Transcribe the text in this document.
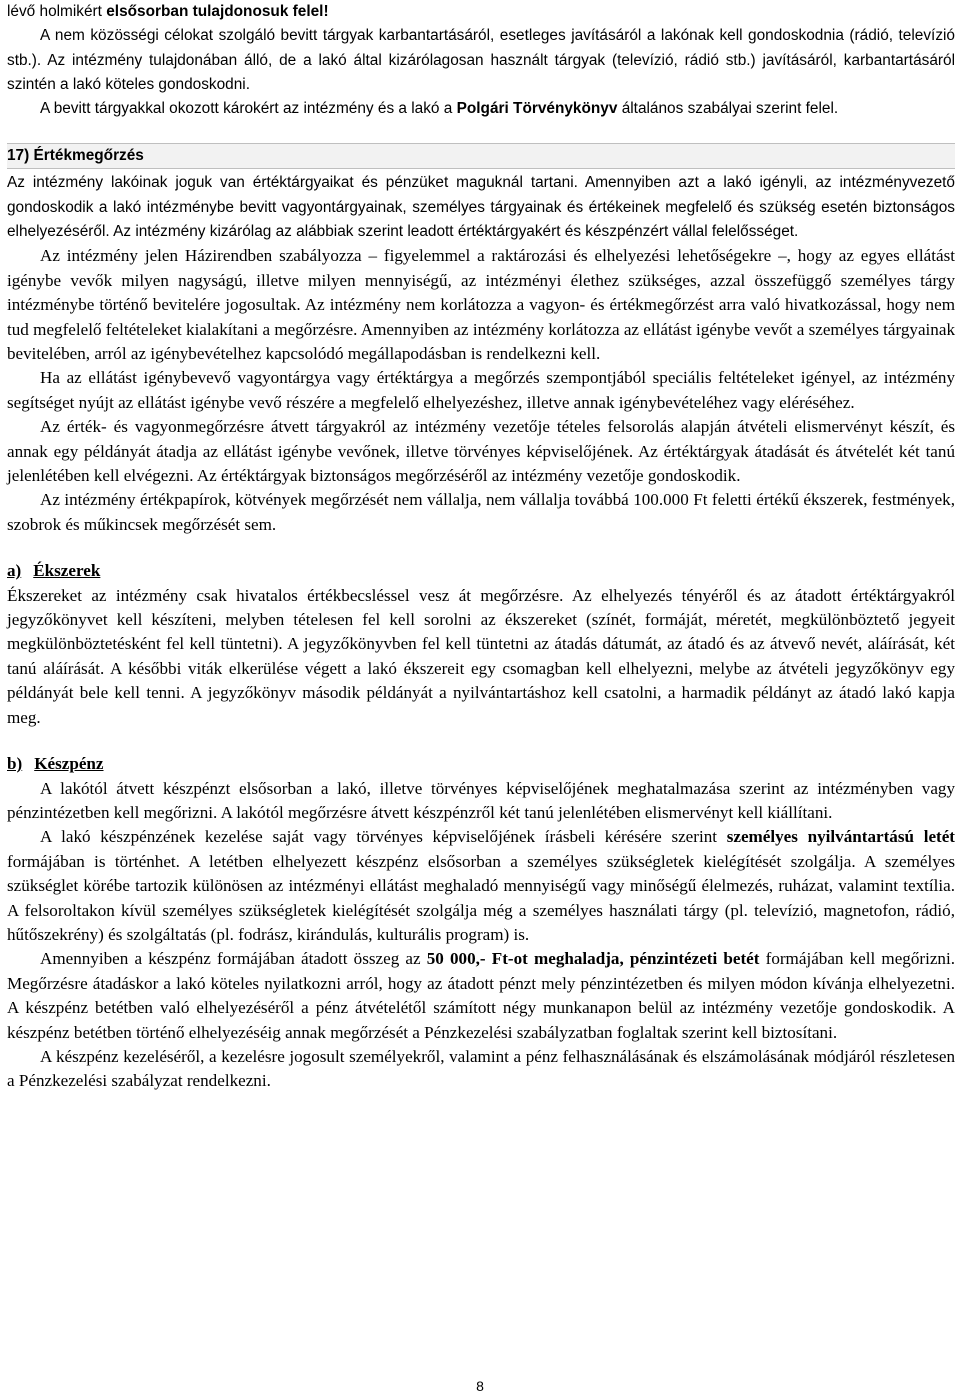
lévő holmikért elsősorban tulajdonosuk felel!

A nem közösségi célokat szolgáló bevitt tárgyak karbantartásáról, esetleges javításáról a lakónak kell gondoskodnia (rádió, televízió stb.). Az intézmény tulajdonában álló, de a lakó által kizárólagosan használt tárgyak (televízió, rádió stb.) javításáról, karbantartásáról szintén a lakó köteles gondoskodni.

A bevitt tárgyakkal okozott károkért az intézmény és a lakó a Polgári Törvénykönyv általános szabályai szerint felel.

17) Értékmegőrzés

Az intézmény lakóinak joguk van értéktárgyaikat és pénzüket maguknál tartani. Amennyiben azt a lakó igényli, az intézményvezető gondoskodik a lakó intézménybe bevitt vagyontárgyainak, személyes tárgyainak és értékeinek megfelelő és szükség esetén biztonságos elhelyezéséről. Az intézmény kizárólag az alábbiak szerint leadott értéktárgyakért és készpénzért vállal felelősséget.

Az intézmény jelen Házirendben szabályozza – figyelemmel a raktározási és elhelyezési lehetőségekre –, hogy az egyes ellátást igénybe vevők milyen nagyságú, illetve milyen mennyiségű, az intézményi élethez szükséges, azzal összefüggő személyes tárgy intézménybe történő bevitelére jogosultak. Az intézmény nem korlátozza a vagyon- és értékmegőrzést arra való hivatkozással, hogy nem tud megfelelő feltételeket kialakítani a megőrzésre. Amennyiben az intézmény korlátozza az ellátást igénybe vevőt a személyes tárgyainak bevitelében, arról az igénybevételhez kapcsolódó megállapodásban is rendelkezni kell.

Ha az ellátást igénybevevő vagyontárgya vagy értéktárgya a megőrzés szempontjából speciális feltételeket igényel, az intézmény segítséget nyújt az ellátást igénybe vevő részére a megfelelő elhelyezéshez, illetve annak igénybevételéhez vagy eléréséhez.

Az érték- és vagyonmegőrzésre átvett tárgyakról az intézmény vezetője tételes felsorolás alapján átvételi elismervényt készít, és annak egy példányát átadja az ellátást igénybe vevőnek, illetve törvényes képviselőjének. Az értéktárgyak átadását és átvételét két tanú jelenlétében kell elvégezni. Az értéktárgyak biztonságos megőrzéséről az intézmény vezetője gondoskodik.

Az intézmény értékpapírok, kötvények megőrzését nem vállalja, nem vállalja továbbá 100.000 Ft feletti értékű ékszerek, festmények, szobrok és műkincsek megőrzését sem.

a) Ékszerek

Ékszereket az intézmény csak hivatalos értékbecsléssel vesz át megőrzésre. Az elhelyezés tényéről és az átadott értéktárgyakról jegyzőkönyvet kell készíteni, melyben tételesen fel kell sorolni az ékszereket (színét, formáját, méretét, megkülönböztető jegyeit megkülönböztetésként fel kell tüntetni). A jegyzőkönyvben fel kell tüntetni az átadás dátumát, az átadó és az átvevő nevét, aláírását, két tanú aláírását. A későbbi viták elkerülése végett a lakó ékszereit egy csomagban kell elhelyezni, melybe az átvételi jegyzőkönyv egy példányát bele kell tenni. A jegyzőkönyv második példányát a nyilvántartáshoz kell csatolni, a harmadik példányt az átadó lakó kapja meg.

b) Készpénz

A lakótól átvett készpénzt elsősorban a lakó, illetve törvényes képviselőjének meghatalmazása szerint az intézményben vagy pénzintézetben kell megőrizni. A lakótól megőrzésre átvett készpénzről két tanú jelenlétében elismervényt kell kiállítani.

A lakó készpénzének kezelése saját vagy törvényes képviselőjének írásbeli kérésére szerint személyes nyilvántartású letét formájában is történhet. A letétben elhelyezett készpénz elsősorban a személyes szükségletek kielégítését szolgálja. A személyes szükséglet körébe tartozik különösen az intézményi ellátást meghaladó mennyiségű vagy minőségű élelmezés, ruházat, valamint textília. A felsoroltakon kívül személyes szükségletek kielégítését szolgálja még a személyes használati tárgy (pl. televízió, magnetofon, rádió, hűtőszekrény) és szolgáltatás (pl. fodrász, kirándulás, kulturális program) is.

Amennyiben a készpénz formájában átadott összeg az 50 000,- Ft-ot meghaladja, pénzintézeti betét formájában kell megőrizni. Megőrzésre átadáskor a lakó köteles nyilatkozni arról, hogy az átadott pénzt mely pénzintézetben és milyen módon kívánja elhelyezetni. A készpénz betétben való elhelyezéséről a pénz átvételétől számított négy munkanapon belül az intézmény vezetője gondoskodik. A készpénz betétben történő elhelyezéséig annak megőrzését a Pénzkezelési szabályzatban foglaltak szerint kell biztosítani.

A készpénz kezeléséről, a kezelésre jogosult személyekről, valamint a pénz felhasználásának és elszámolásának módjáról részletesen a Pénzkezelési szabályzat rendelkezni.

8
